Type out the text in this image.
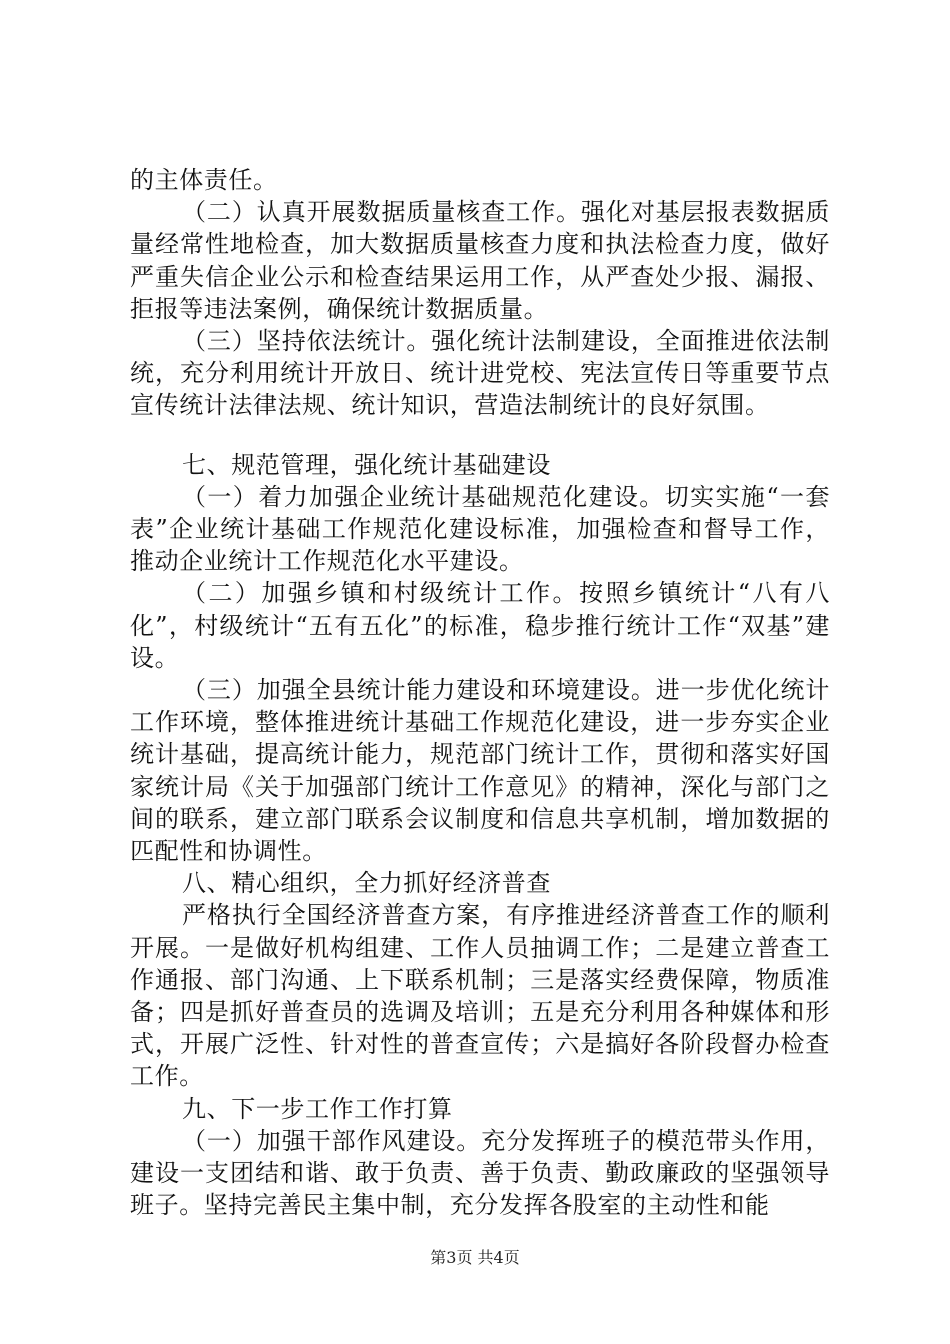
的主体责任。

（二）认真开展数据质量核查工作。强化对基层报表数据质量经常性地检查，加大数据质量核查力度和执法检查力度，做好严重失信企业公示和检查结果运用工作，从严查处少报、漏报、拒报等违法案例，确保统计数据质量。

（三）坚持依法统计。强化统计法制建设，全面推进依法制统，充分利用统计开放日、统计进党校、宪法宣传日等重要节点宣传统计法律法规、统计知识，营造法制统计的良好氛围。

七、规范管理，强化统计基础建设

（一）着力加强企业统计基础规范化建设。切实实施“一套表”企业统计基础工作规范化建设标准，加强检查和督导工作，推动企业统计工作规范化水平建设。

（二）加强乡镇和村级统计工作。按照乡镇统计“八有八化”，村级统计“五有五化”的标准，稳步推行统计工作“双基”建设。

（三）加强全县统计能力建设和环境建设。进一步优化统计工作环境，整体推进统计基础工作规范化建设，进一步夯实企业统计基础，提高统计能力，规范部门统计工作，贯彻和落实好国家统计局《关于加强部门统计工作意见》的精神，深化与部门之间的联系，建立部门联系会议制度和信息共享机制，增加数据的匹配性和协调性。

八、精心组织，全力抓好经济普查

严格执行全国经济普查方案，有序推进经济普查工作的顺利开展。一是做好机构组建、工作人员抽调工作；二是建立普查工作通报、部门沟通、上下联系机制；三是落实经费保障，物质准备；四是抓好普查员的选调及培训；五是充分利用各种媒体和形式，开展广泛性、针对性的普查宣传；六是搞好各阶段督办检查工作。

九、下一步工作工作打算

（一）加强干部作风建设。充分发挥班子的模范带头作用，建设一支团结和谐、敢于负责、善于负责、勤政廉政的坚强领导班子。坚持完善民主集中制，充分发挥各股室的主动性和能

第3页 共4页
